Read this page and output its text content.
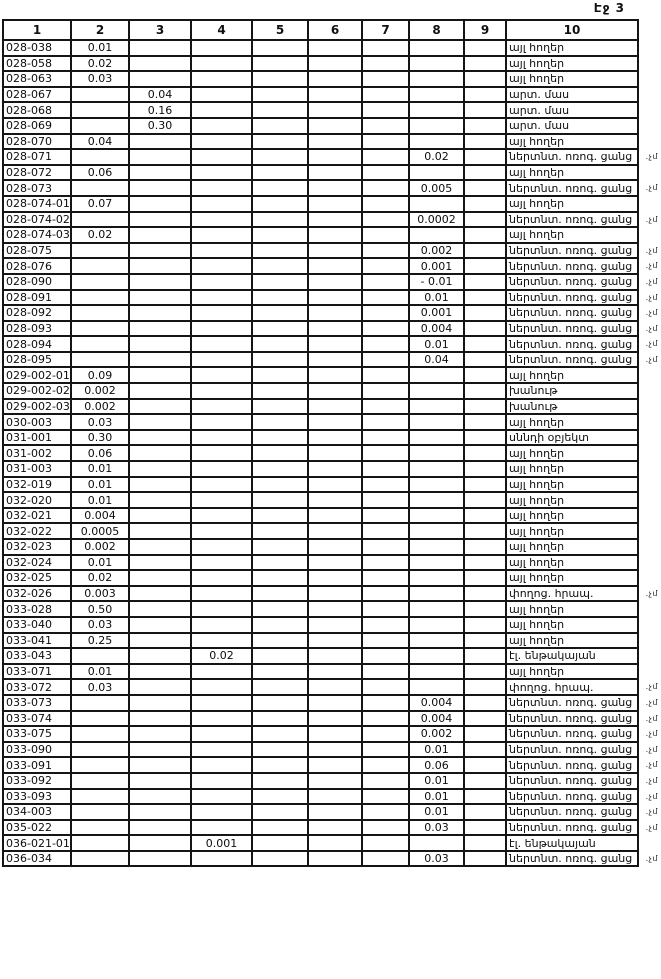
Էջ 3
1	2	3	4	5	6	7	8	9	10
028-038	0.01								այլ հողեր
028-058	0.02								այլ հողեր
028-063	0.03								այլ հողեր
028-067		0.04							արտ. մաս
028-068		0.16							արտ. մաս
028-069		0.30							արտ. մաս
028-070	0.04								այլ հողեր
028-071							0.02		ներտնտ. ոռոգ. ցանց .չմ

028-072	0.06								այլ հողեր
028-073							0.005		ներտնտ. ոռոգ. ցանց .չմ

028-074-01	0.07								այլ հողեր
028-074-02							0.0002		ներտնտ. ոռոգ. ցանց .չմ

028-074-03	0.02								այլ հողեր
028-075							0.002		ներտնտ. ոռոգ. ցանց .չմ

028-076							0.001		ներտնտ. ոռոգ. ցանց .չմ

028-090							- 0.01		ներտնտ. ոռոգ. ցանց .չմ

028-091							0.01		ներտնտ. ոռոգ. ցանց .չմ

028-092							0.001		ներտնտ. ոռոգ. ցանց .չմ

028-093							0.004		ներտնտ. ոռոգ. ցանց .չմ

028-094							0.01		ներտնտ. ոռոգ. ցանց .չմ

028-095							0.04		ներտնտ. ոռոգ. ցանց .չմ

029-002-01	0.09								այլ հողեր
029-002-02	0.002								խանութ
029-002-03	0.002								խանութ
030-003	0.03								այլ հողեր
031-001	0.30								սննդի օբյեկտ
031-002	0.06								այլ հողեր
031-003	0.01								այլ հողեր
032-019	0.01								այլ հողեր
032-020	0.01								այլ հողեր
032-021	0.004								այլ հողեր
032-022	0.0005								այլ հողեր
032-023	0.002								այլ հողեր
032-024	0.01								այլ հողեր
032-025	0.02								այլ հողեր
032-026	0.003								փողոց. հրապ. .չմ

033-028	0.50								այլ հողեր
033-040	0.03								այլ հողեր
033-041	0.25								այլ հողեր
033-043			0.02						էլ. ենթակայան
033-071	0.01								այլ հողեր
033-072	0.03								փողոց. հրապ. .չմ

033-073							0.004		ներտնտ. ոռոգ. ցանց .չմ

033-074							0.004		ներտնտ. ոռոգ. ցանց .չմ

033-075							0.002		ներտնտ. ոռոգ. ցանց .չմ

033-090							0.01		ներտնտ. ոռոգ. ցանց .չմ

033-091							0.06		ներտնտ. ոռոգ. ցանց .չմ

033-092							0.01		ներտնտ. ոռոգ. ցանց .չմ

033-093							0.01		ներտնտ. ոռոգ. ցանց .չմ

034-003							0.01		ներտնտ. ոռոգ. ցանց .չմ

035-022							0.03		ներտնտ. ոռոգ. ցանց .չմ

036-021-01			0.001						էլ. ենթակայան
036-034							0.03		ներտնտ. ոռոգ. ցանց .չմ
